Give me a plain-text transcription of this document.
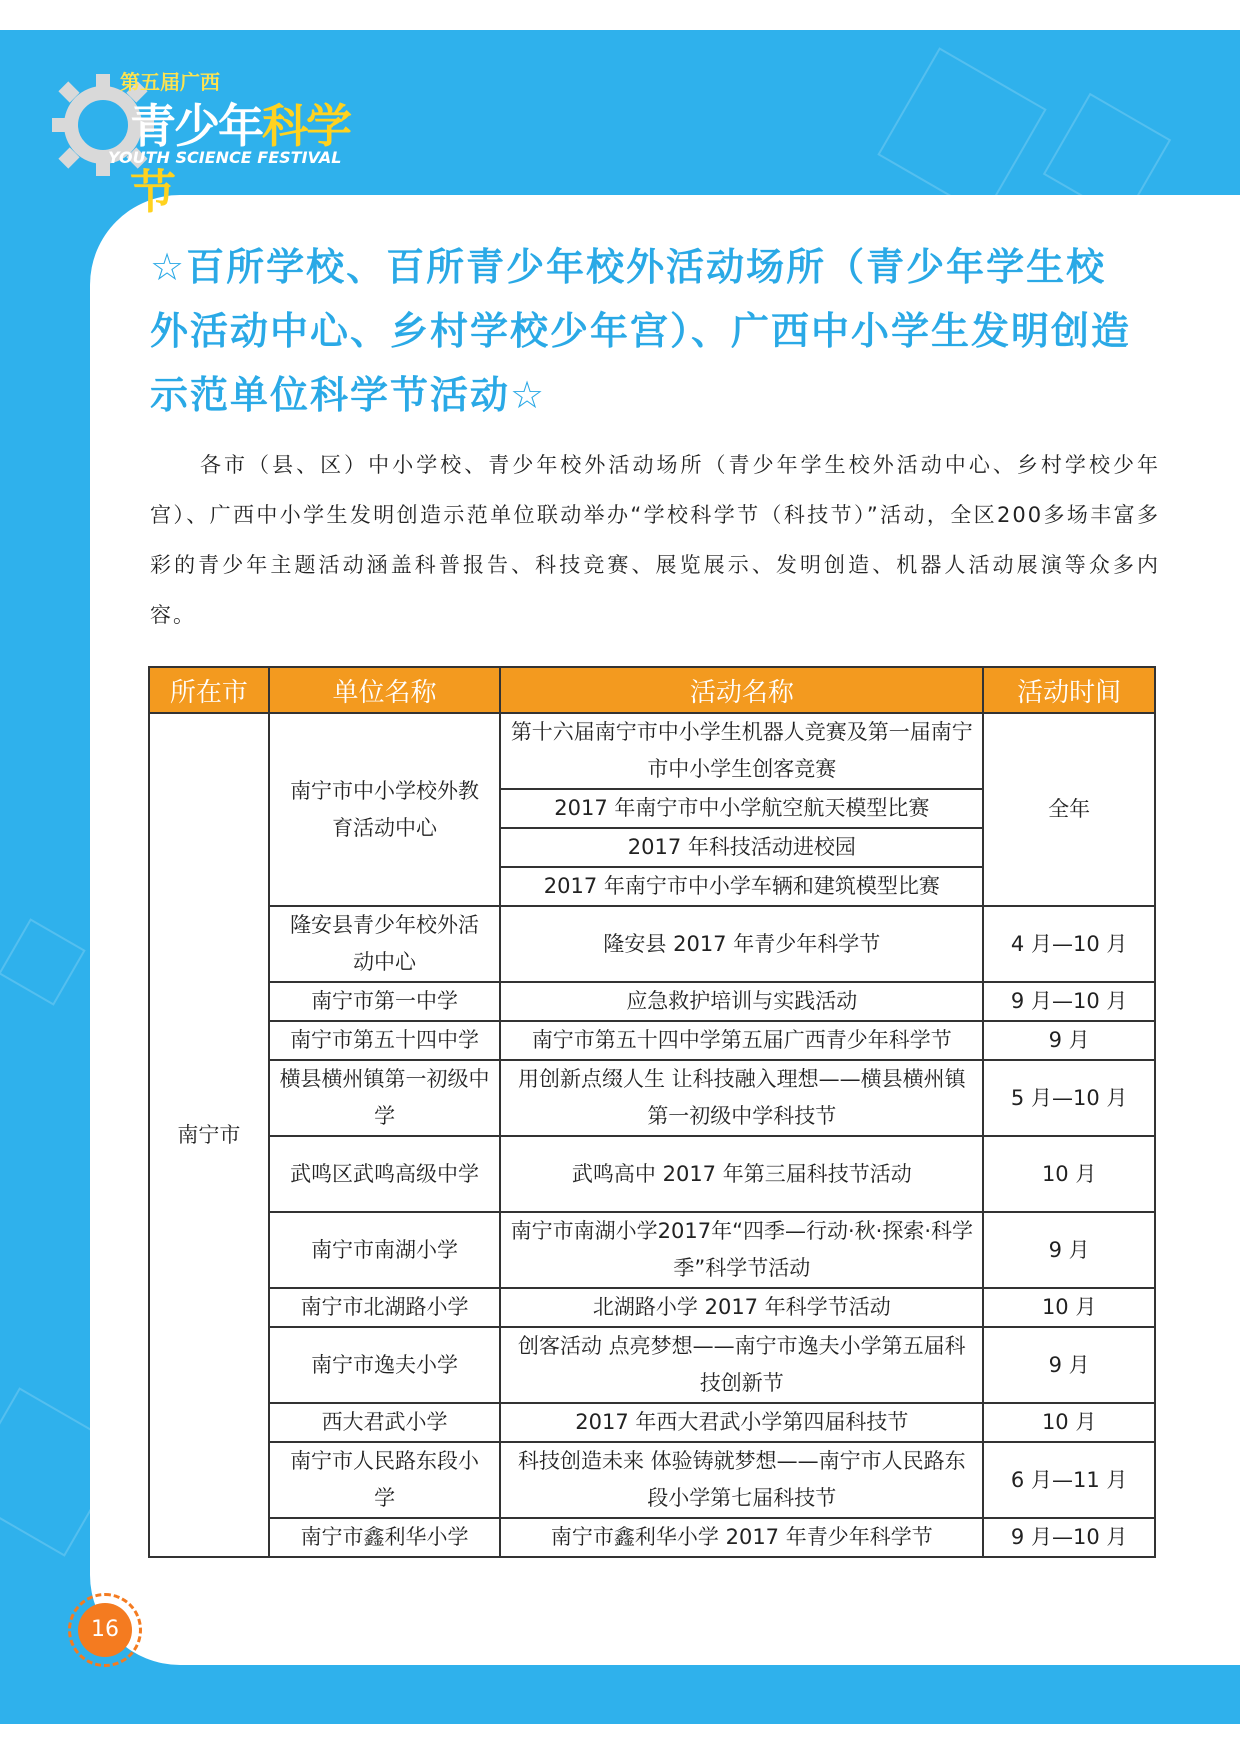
第五届广西
青少年科学节
YOUTH SCIENCE FESTIVAL
☆百所学校、百所青少年校外活动场所（青少年学生校外活动中心、乡村学校少年宫）、广西中小学生发明创造示范单位科学节活动☆

各市（县、区）中小学校、青少年校外活动场所（青少年学生校外活动中心、乡村学校少年宫）、广西中小学生发明创造示范单位联动举办“学校科学节（科技节）”活动，全区200多场丰富多彩的青少年主题活动涵盖科普报告、科技竞赛、展览展示、发明创造、机器人活动展演等众多内容。

所在市	单位名称	活动名称	活动时间
南宁市	南宁市中小学校外教育活动中心	第十六届南宁市中小学生机器人竞赛及第一届南宁市中小学生创客竞赛	全年
		2017 年南宁市中小学航空航天模型比赛	
		2017 年科技活动进校园	
		2017 年南宁市中小学车辆和建筑模型比赛	
	隆安县青少年校外活动中心	隆安县 2017 年青少年科学节	4 月—10 月
	南宁市第一中学	应急救护培训与实践活动	9 月—10 月
	南宁市第五十四中学	南宁市第五十四中学第五届广西青少年科学节	9 月
	横县横州镇第一初级中学	用创新点缀人生 让科技融入理想——横县横州镇第一初级中学科技节	5 月—10 月
	武鸣区武鸣高级中学	武鸣高中 2017 年第三届科技节活动	10 月
	南宁市南湖小学	南宁市南湖小学2017年“四季—行动·秋·探索·科学季”科学节活动	9 月
	南宁市北湖路小学	北湖路小学 2017 年科学节活动	10 月
	南宁市逸夫小学	创客活动 点亮梦想——南宁市逸夫小学第五届科技创新节	9 月
	西大君武小学	2017 年西大君武小学第四届科技节	10 月
	南宁市人民路东段小学	科技创造未来 体验铸就梦想——南宁市人民路东段小学第七届科技节	6 月—11 月
	南宁市鑫利华小学	南宁市鑫利华小学 2017 年青少年科学节	9 月—10 月
16
